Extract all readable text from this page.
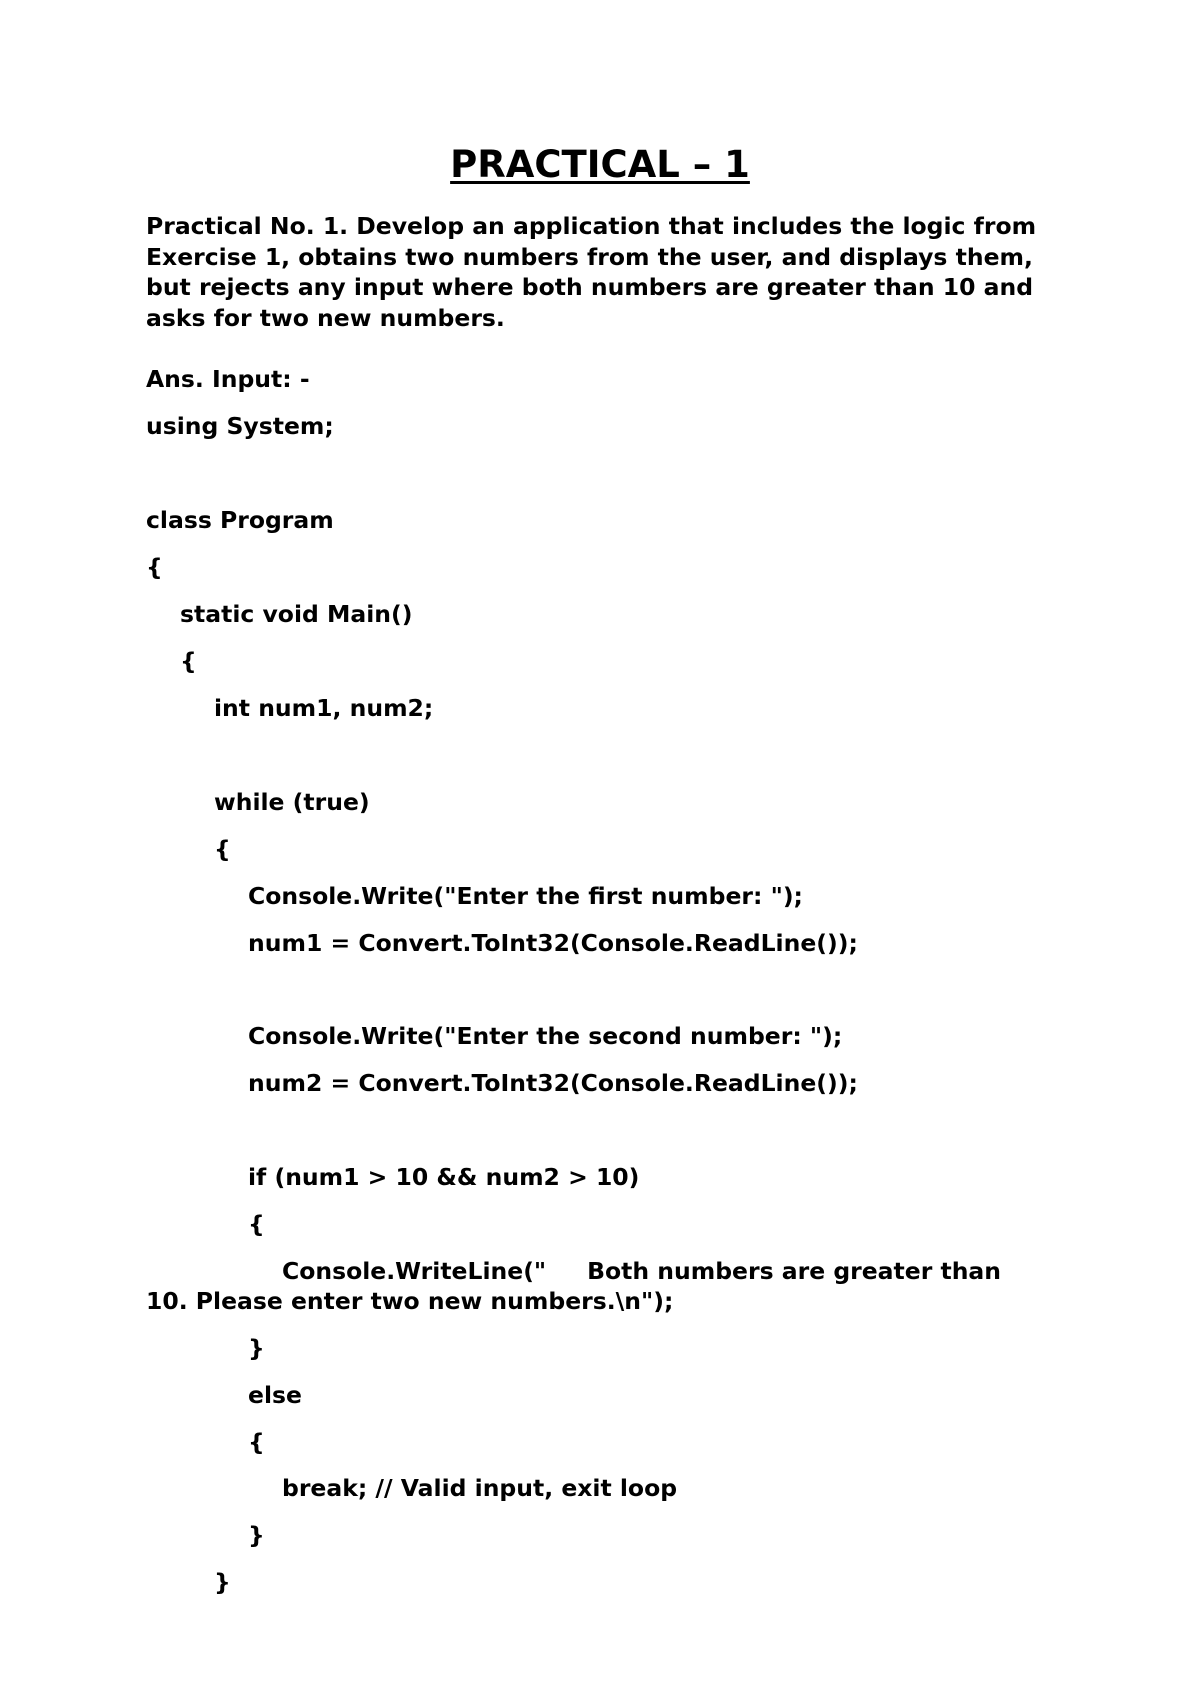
PRACTICAL – 1
Practical No. 1. Develop an application that includes the logic from Exercise 1, obtains two numbers from the user, and displays them, but rejects any input where both numbers are greater than 10 and asks for two new numbers.
Ans. Input: -
using System;
class Program
{
static void Main()
{
int num1, num2;
while (true)
{
Console.Write("Enter the first number: ");
num1 = Convert.ToInt32(Console.ReadLine());
Console.Write("Enter the second number: ");
num2 = Convert.ToInt32(Console.ReadLine());
if (num1 > 10 && num2 > 10)
{
Console.WriteLine("     Both numbers are greater than
10. Please enter two new numbers.\n");
}
else
{
break; // Valid input, exit loop
}
}
